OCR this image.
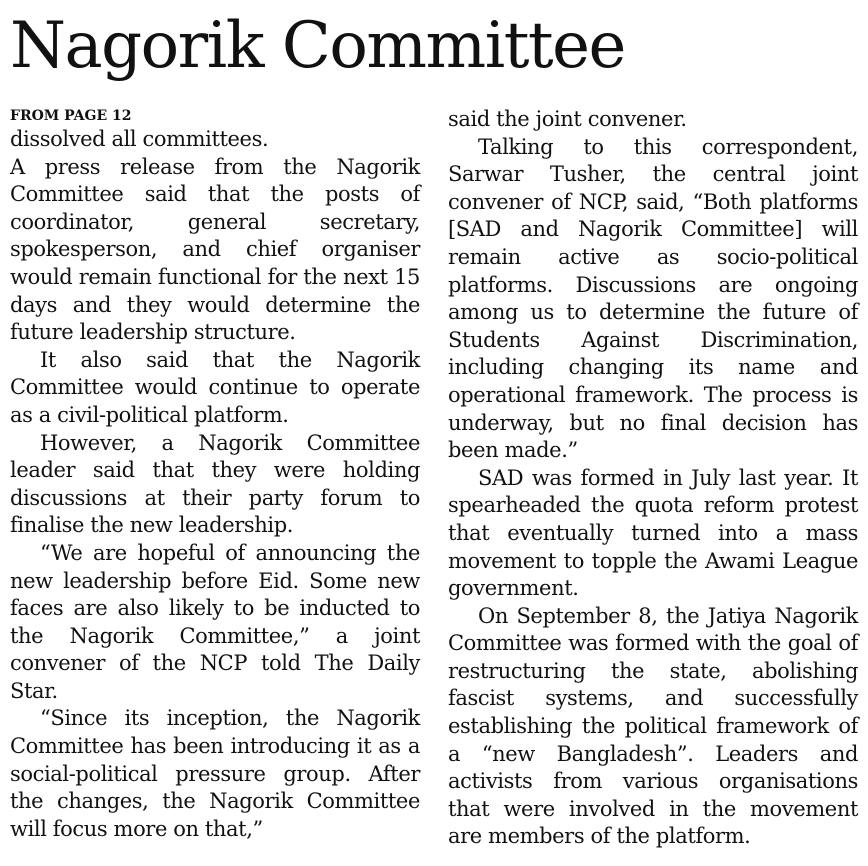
Nagorik Committee
FROM PAGE 12

dissolved all committees.

A press release from the Nagorik Committee said that the posts of coordinator, general secretary, spokesperson, and chief organiser would remain functional for the next 15 days and they would determine the future leadership structure.

It also said that the Nagorik Committee would continue to operate as a civil-political platform.

However, a Nagorik Committee leader said that they were holding discussions at their party forum to finalise the new leadership.

“We are hopeful of announcing the new leadership before Eid. Some new faces are also likely to be inducted to the Nagorik Committee,” a joint convener of the NCP told The Daily Star.

“Since its inception, the Nagorik Committee has been introducing it as a social-political pressure group. After the changes, the Nagorik Committee will focus more on that,”

said the joint convener.

Talking to this correspondent, Sarwar Tusher, the central joint convener of NCP, said, “Both platforms [SAD and Nagorik Committee] will remain active as socio-political platforms. Discussions are ongoing among us to determine the future of Students Against Discrimination, including changing its name and operational framework. The process is underway, but no final decision has been made.”

SAD was formed in July last year. It spearheaded the quota reform protest that eventually turned into a mass movement to topple the Awami League government.

On September 8, the Jatiya Nagorik Committee was formed with the goal of restructuring the state, abolishing fascist systems, and successfully establishing the political framework of a “new Bangladesh”. Leaders and activists from various organisations that were involved in the movement are members of the platform.
